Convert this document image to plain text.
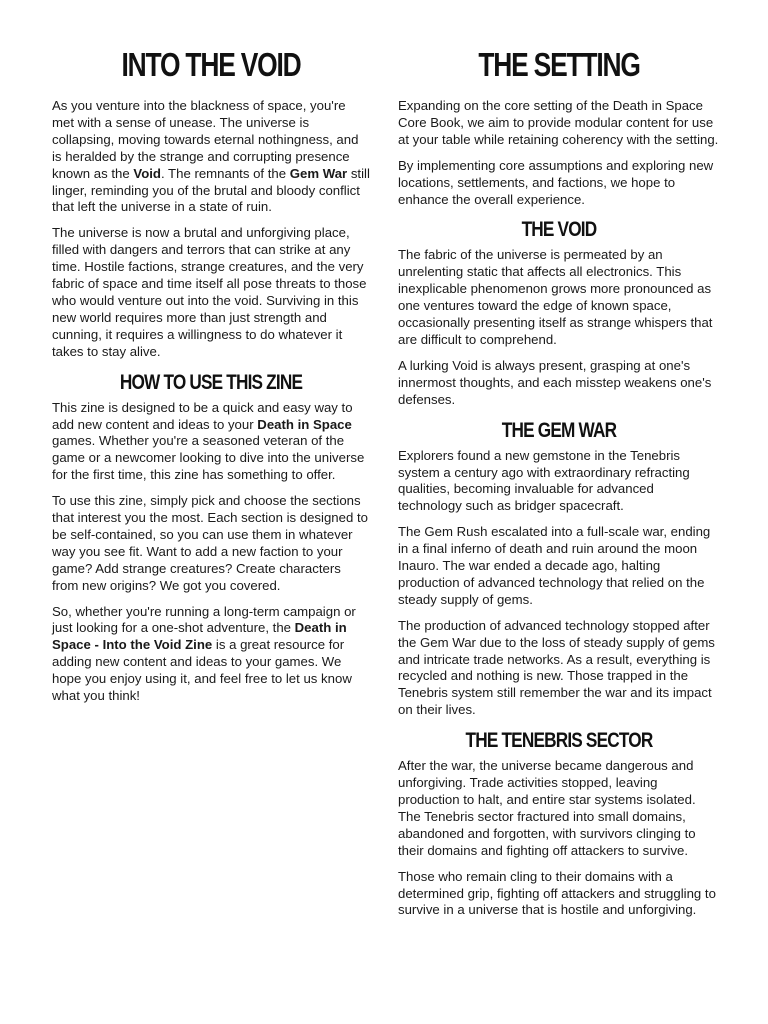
INTO THE VOID

As you venture into the blackness of space, you're met with a sense of unease. The universe is collapsing, moving towards eternal nothingness, and is heralded by the strange and corrupting presence known as the Void. The remnants of the Gem War still linger, reminding you of the brutal and bloody conflict that left the universe in a state of ruin.

The universe is now a brutal and unforgiving place, filled with dangers and terrors that can strike at any time. Hostile factions, strange creatures, and the very fabric of space and time itself all pose threats to those who would venture out into the void. Surviving in this new world requires more than just strength and cunning, it requires a willingness to do whatever it takes to stay alive.

HOW TO USE THIS ZINE

This zine is designed to be a quick and easy way to add new content and ideas to your Death in Space games. Whether you're a seasoned veteran of the game or a newcomer looking to dive into the universe for the first time, this zine has something to offer.

To use this zine, simply pick and choose the sections that interest you the most. Each section is designed to be self-contained, so you can use them in whatever way you see fit. Want to add a new faction to your game? Add strange creatures? Create characters from new origins? We got you covered.

So, whether you're running a long-term campaign or just looking for a one-shot adventure, the Death in Space - Into the Void Zine is a great resource for adding new content and ideas to your games. We hope you enjoy using it, and feel free to let us know what you think!

THE SETTING

Expanding on the core setting of the Death in Space Core Book, we aim to provide modular content for use at your table while retaining coherency with the setting.

By implementing core assumptions and exploring new locations, settlements, and factions, we hope to enhance the overall experience.

THE VOID

The fabric of the universe is permeated by an unrelenting static that affects all electronics. This inexplicable phenomenon grows more pronounced as one ventures toward the edge of known space, occasionally presenting itself as strange whispers that are difficult to comprehend.

A lurking Void is always present, grasping at one's innermost thoughts, and each misstep weakens one's defenses.

THE GEM WAR

Explorers found a new gemstone in the Tenebris system a century ago with extraordinary refracting qualities, becoming invaluable for advanced technology such as bridger spacecraft.

The Gem Rush escalated into a full-scale war, ending in a final inferno of death and ruin around the moon Inauro. The war ended a decade ago, halting production of advanced technology that relied on the steady supply of gems.

The production of advanced technology stopped after the Gem War due to the loss of steady supply of gems and intricate trade networks. As a result, everything is recycled and nothing is new. Those trapped in the Tenebris system still remember the war and its impact on their lives.

THE TENEBRIS SECTOR

After the war, the universe became dangerous and unforgiving. Trade activities stopped, leaving production to halt, and entire star systems isolated. The Tenebris sector fractured into small domains, abandoned and forgotten, with survivors clinging to their domains and fighting off attackers to survive.

Those who remain cling to their domains with a determined grip, fighting off attackers and struggling to survive in a universe that is hostile and unforgiving.
